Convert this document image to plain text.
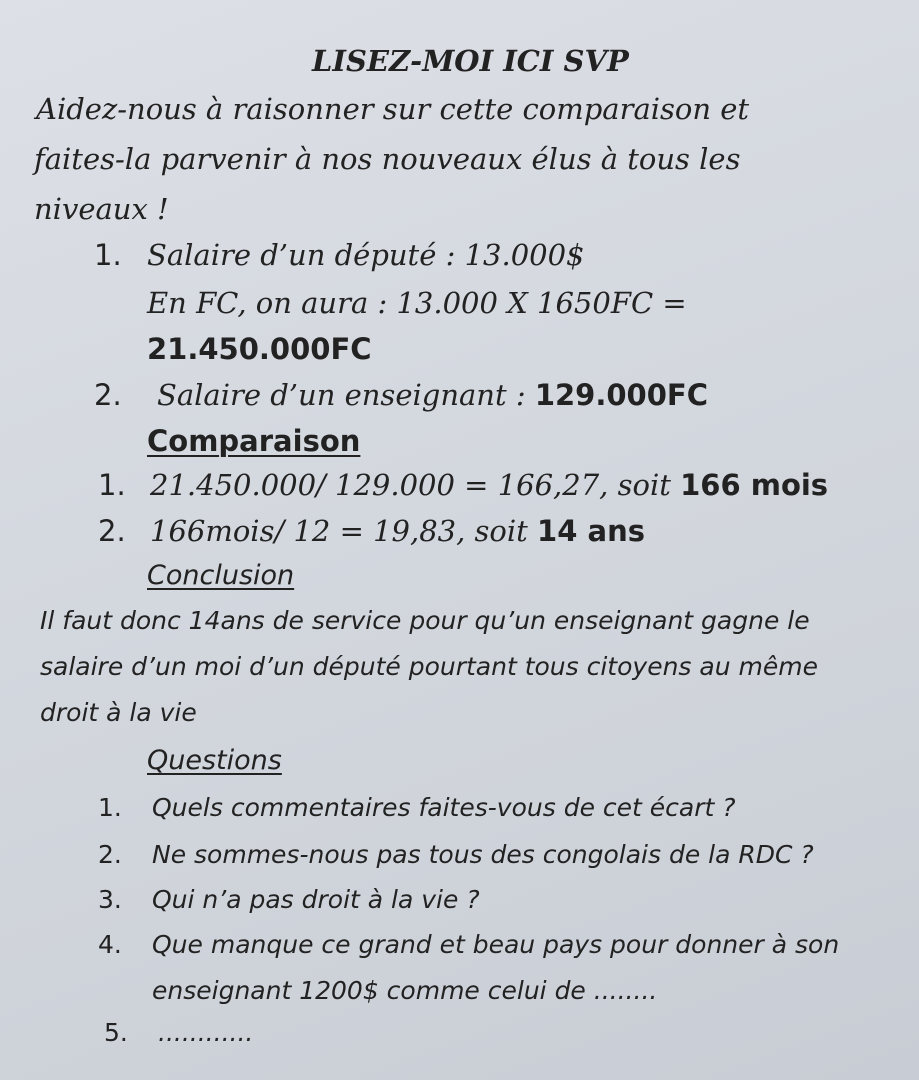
LISEZ-MOI ICI SVP

Aidez-nous à raisonner sur cette comparaison et

faites-la parvenir à nos nouveaux élus à tous les

niveaux !

1. Salaire d’un député : 13.000$

En FC, on aura : 13.000 X 1650FC =

21.450.000FC

2. Salaire d’un enseignant : 129.000FC

Comparaison

1. 21.450.000/ 129.000 = 166,27, soit 166 mois

2. 166mois/ 12 = 19,83, soit 14 ans

Conclusion

Il faut donc 14ans de service pour qu’un enseignant gagne le

salaire d’un moi d’un député pourtant tous citoyens au même

droit à la vie

Questions

1. Quels commentaires faites-vous de cet écart ?

2. Ne sommes-nous pas tous des congolais de la RDC ?

3. Qui n’a pas droit à la vie ?

4. Que manque ce grand et beau pays pour donner à son

enseignant 1200$ comme celui de ........

5. ............
